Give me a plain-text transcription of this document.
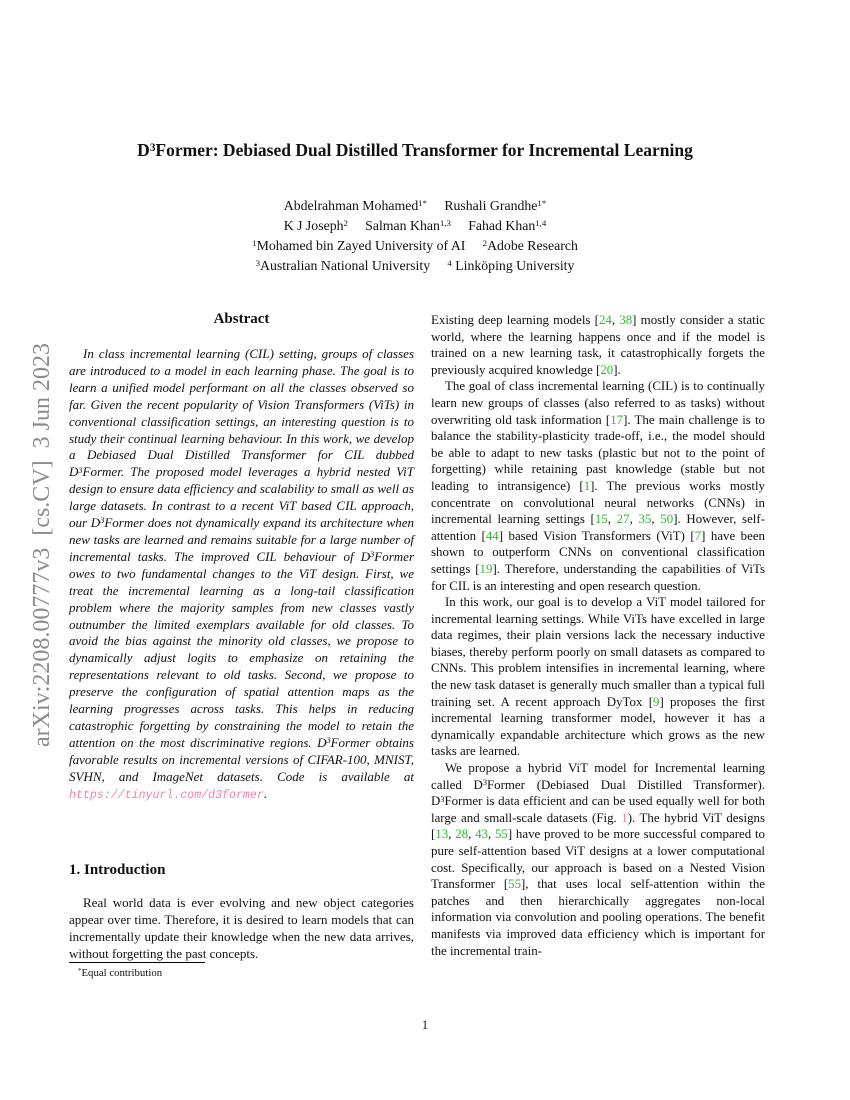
arXiv:2208.00777v3  [cs.CV]  3 Jun 2023
$D^3Former$: Debiased Dual Distilled Transformer for Incremental Learning
Abdelrahman Mohamed$^{1*}$ Rushali Grandhe$^{1*}$
K J Joseph$^2$ Salman Khan$^{1,3}$ Fahad Khan$^{1,4}$
$^1$Mohamed bin Zayed University of AI $^2$Adobe Research
$^3$Australian National University $^4$ Linköping University
Abstract
In class incremental learning (CIL) setting, groups of classes are introduced to a model in each learning phase. The goal is to learn a unified model performant on all the classes observed so far. Given the recent popularity of Vision Transformers (ViTs) in conventional classification settings, an interesting question is to study their continual learning behaviour. In this work, we develop a Debiased Dual Distilled Transformer for CIL dubbed $D^3Former$. The proposed model leverages a hybrid nested ViT design to ensure data efficiency and scalability to small as well as large datasets. In contrast to a recent ViT based CIL approach, our $D^3Former$ does not dynamically expand its architecture when new tasks are learned and remains suitable for a large number of incremental tasks. The improved CIL behaviour of $D^3Former$ owes to two fundamental changes to the ViT design. First, we treat the incremental learning as a long-tail classification problem where the majority samples from new classes vastly outnumber the limited exemplars available for old classes. To avoid the bias against the minority old classes, we propose to dynamically adjust logits to emphasize on retaining the representations relevant to old tasks. Second, we propose to preserve the configuration of spatial attention maps as the learning progresses across tasks. This helps in reducing catastrophic forgetting by constraining the model to retain the attention on the most discriminative regions. $D^3Former$ obtains favorable results on incremental versions of CIFAR-100, MNIST, SVHN, and ImageNet datasets. Code is available at https://tinyurl.com/d3former.
1. Introduction
Real world data is ever evolving and new object categories appear over time. Therefore, it is desired to learn models that can incrementally update their knowledge when the new data arrives, without forgetting the past concepts.
*Equal contribution

Existing deep learning models [24, 38] mostly consider a static world, where the learning happens once and if the model is trained on a new learning task, it catastrophically forgets the previously acquired knowledge [20].

The goal of class incremental learning (CIL) is to continually learn new groups of classes (also referred to as tasks) without overwriting old task information [17]. The main challenge is to balance the stability-plasticity trade-off, i.e., the model should be able to adapt to new tasks (plastic but not to the point of forgetting) while retaining past knowledge (stable but not leading to intransigence) [1]. The previous works mostly concentrate on convolutional neural networks (CNNs) in incremental learning settings [15, 27, 35, 50]. However, self-attention [44] based Vision Transformers (ViT) [7] have been shown to outperform CNNs on conventional classification settings [19]. Therefore, understanding the capabilities of ViTs for CIL is an interesting and open research question.

In this work, our goal is to develop a ViT model tailored for incremental learning settings. While ViTs have excelled in large data regimes, their plain versions lack the necessary inductive biases, thereby perform poorly on small datasets as compared to CNNs. This problem intensifies in incremental learning, where the new task dataset is generally much smaller than a typical full training set. A recent approach DyTox [9] proposes the first incremental learning transformer model, however it has a dynamically expandable architecture which grows as the new tasks are learned.

We propose a hybrid ViT model for Incremental learning called $D^3Former$ (Debiased Dual Distilled Transformer). $D^3Former$ is data efficient and can be used equally well for both large and small-scale datasets (Fig. 1). The hybrid ViT designs [13, 28, 43, 55] have proved to be more successful compared to pure self-attention based ViT designs at a lower computational cost. Specifically, our approach is based on a Nested Vision Transformer [55], that uses local self-attention within the patches and then hierarchically aggregates non-local information via convolution and pooling operations. The benefit manifests via improved data efficiency which is important for the incremental train-

1
